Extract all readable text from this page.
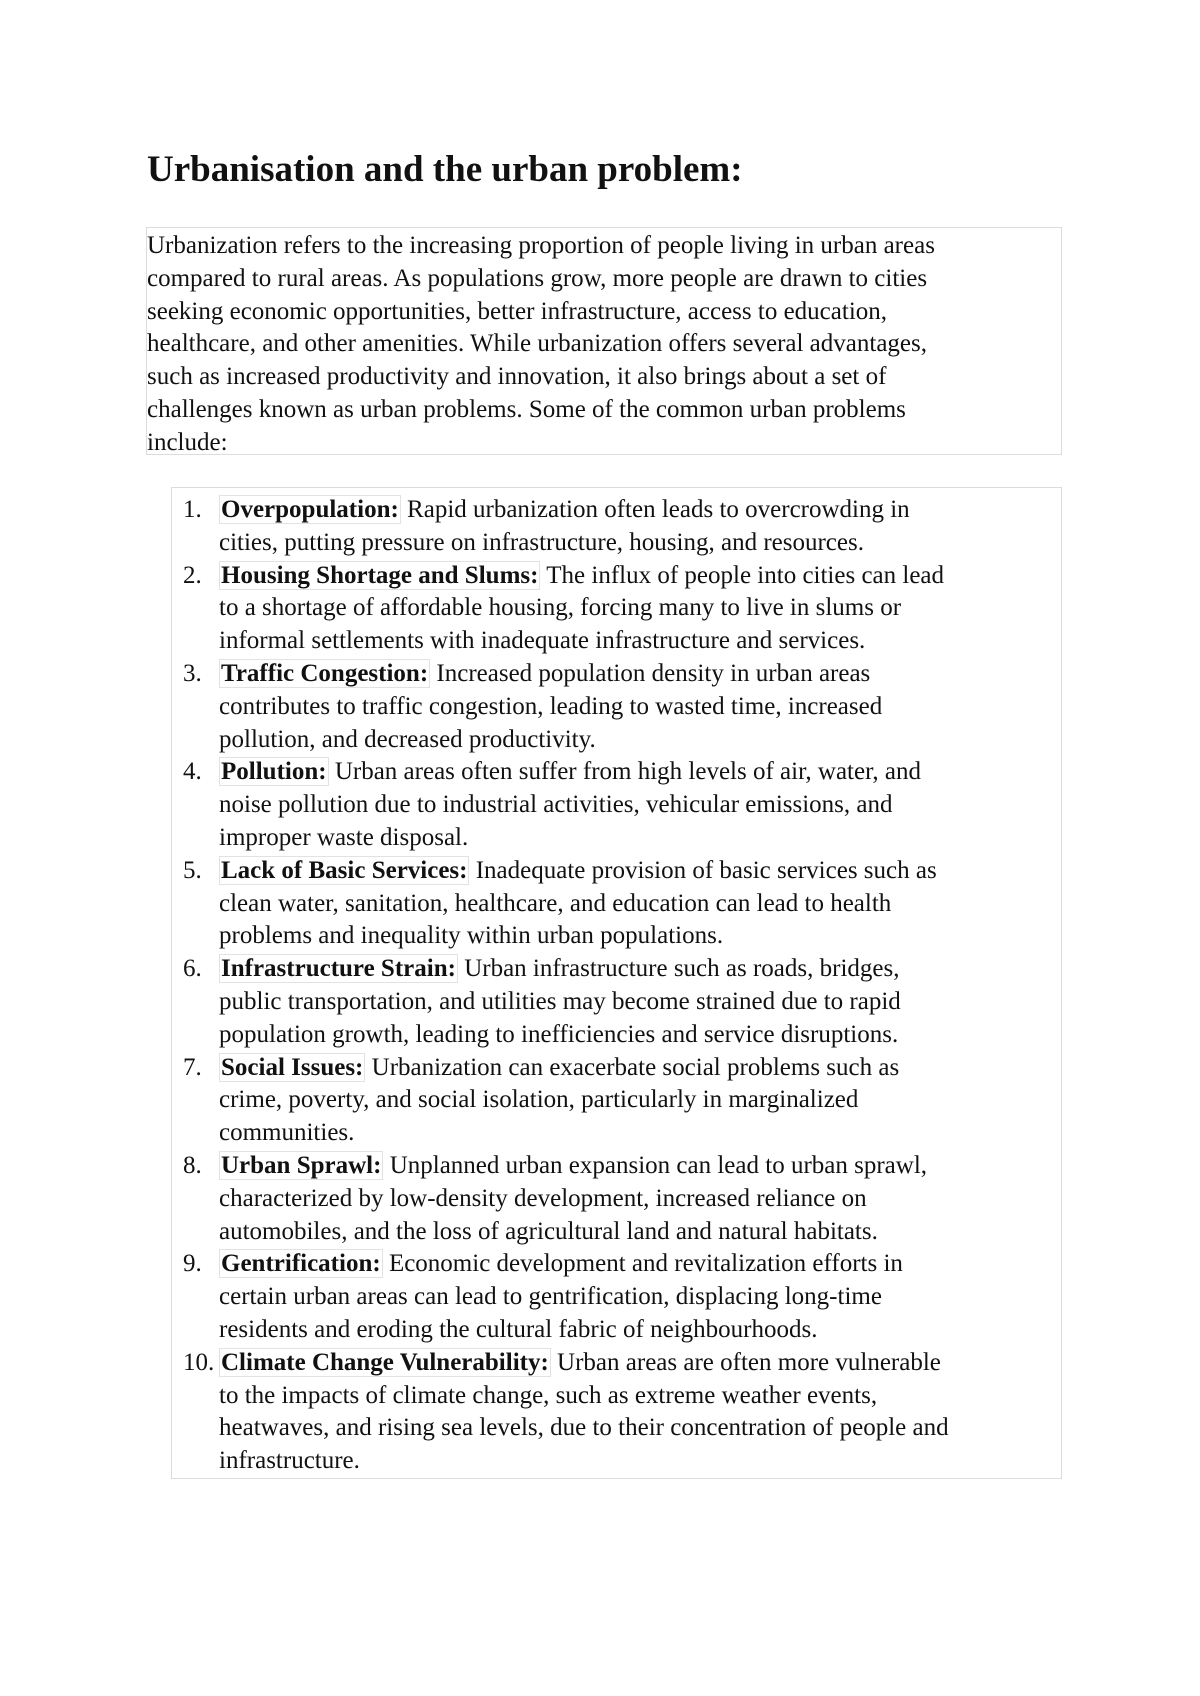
Urbanisation and the urban problem:
Urbanization refers to the increasing proportion of people living in urban areas
compared to rural areas. As populations grow, more people are drawn to cities
seeking economic opportunities, better infrastructure, access to education,
healthcare, and other amenities. While urbanization offers several advantages,
such as increased productivity and innovation, it also brings about a set of
challenges known as urban problems. Some of the common urban problems
include:
1. Overpopulation: Rapid urbanization often leads to overcrowding in
cities, putting pressure on infrastructure, housing, and resources.
2. Housing Shortage and Slums: The influx of people into cities can lead
to a shortage of affordable housing, forcing many to live in slums or
informal settlements with inadequate infrastructure and services.
3. Traffic Congestion: Increased population density in urban areas
contributes to traffic congestion, leading to wasted time, increased
pollution, and decreased productivity.
4. Pollution: Urban areas often suffer from high levels of air, water, and
noise pollution due to industrial activities, vehicular emissions, and
improper waste disposal.
5. Lack of Basic Services: Inadequate provision of basic services such as
clean water, sanitation, healthcare, and education can lead to health
problems and inequality within urban populations.
6. Infrastructure Strain: Urban infrastructure such as roads, bridges,
public transportation, and utilities may become strained due to rapid
population growth, leading to inefficiencies and service disruptions.
7. Social Issues: Urbanization can exacerbate social problems such as
crime, poverty, and social isolation, particularly in marginalized
communities.
8. Urban Sprawl: Unplanned urban expansion can lead to urban sprawl,
characterized by low-density development, increased reliance on
automobiles, and the loss of agricultural land and natural habitats.
9. Gentrification: Economic development and revitalization efforts in
certain urban areas can lead to gentrification, displacing long-time
residents and eroding the cultural fabric of neighbourhoods.
10. Climate Change Vulnerability: Urban areas are often more vulnerable
to the impacts of climate change, such as extreme weather events,
heatwaves, and rising sea levels, due to their concentration of people and
infrastructure.
